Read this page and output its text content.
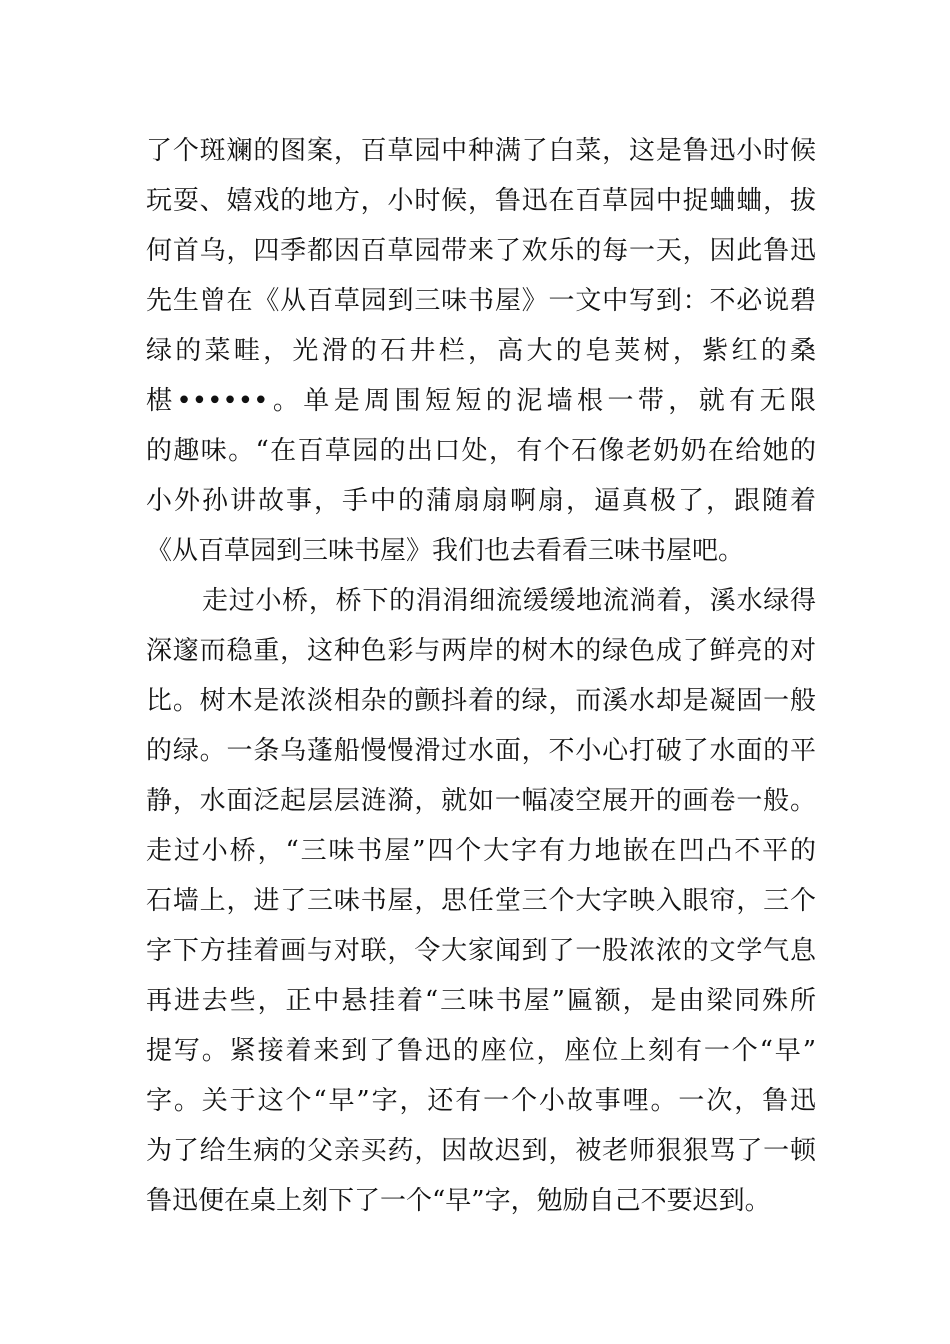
了个斑斓的图案，百草园中种满了白菜，这是鲁迅小时候
玩耍、嬉戏的地方，小时候，鲁迅在百草园中捉蛐蛐，拔
何首乌，四季都因百草园带来了欢乐的每一天，因此鲁迅
先生曾在《从百草园到三味书屋》一文中写到：不必说碧
绿的菜畦，光滑的石井栏，高大的皂荚树，紫红的桑
椹••••••。单是周围短短的泥墙根一带，就有无限
的趣味。“在百草园的出口处，有个石像老奶奶在给她的
小外孙讲故事，手中的蒲扇扇啊扇，逼真极了，跟随着
《从百草园到三味书屋》我们也去看看三味书屋吧。
走过小桥，桥下的涓涓细流缓缓地流淌着，溪水绿得
深邃而稳重，这种色彩与两岸的树木的绿色成了鲜亮的对
比。树木是浓淡相杂的颤抖着的绿，而溪水却是凝固一般
的绿。一条乌蓬船慢慢滑过水面，不小心打破了水面的平
静，水面泛起层层涟漪，就如一幅凌空展开的画卷一般。
走过小桥，“三味书屋”四个大字有力地嵌在凹凸不平的
石墙上，进了三味书屋，思任堂三个大字映入眼帘，三个
字下方挂着画与对联，令大家闻到了一股浓浓的文学气息
再进去些，正中悬挂着“三味书屋”匾额，是由梁同殊所
提写。紧接着来到了鲁迅的座位，座位上刻有一个“早”
字。关于这个“早”字，还有一个小故事哩。一次，鲁迅
为了给生病的父亲买药，因故迟到，被老师狠狠骂了一顿
鲁迅便在桌上刻下了一个“早”字，勉励自己不要迟到。
